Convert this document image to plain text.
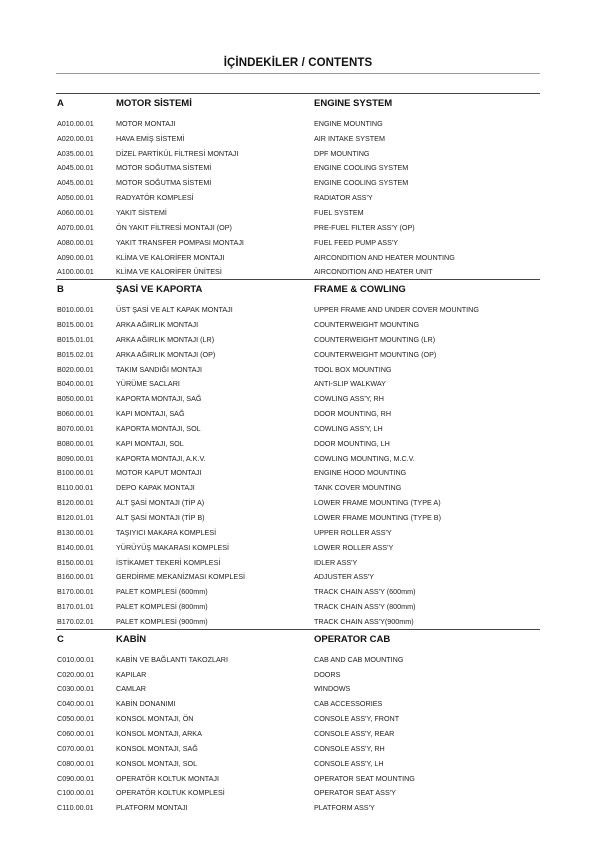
İÇİNDEKİLER / CONTENTS
A	MOTOR SİSTEMİ	ENGINE SYSTEM
A010.00.01	MOTOR MONTAJI	ENGINE MOUNTING
A020.00.01	HAVA EMİŞ SİSTEMİ	AIR INTAKE SYSTEM
A035.00.01	DİZEL PARTİKÜL FİLTRESİ MONTAJI	DPF MOUNTING
A045.00.01	MOTOR SOĞUTMA SİSTEMİ	ENGINE COOLING SYSTEM
A045.00.01	MOTOR SOĞUTMA SİSTEMİ	ENGINE COOLING SYSTEM
A050.00.01	RADYATÖR KOMPLESİ	RADIATOR ASS'Y
A060.00.01	YAKIT SİSTEMİ	FUEL SYSTEM
A070.00.01	ÖN YAKIT FİLTRESİ MONTAJI (OP)	PRE-FUEL FILTER ASS'Y (OP)
A080.00.01	YAKIT TRANSFER POMPASI MONTAJI	FUEL FEED PUMP ASS'Y
A090.00.01	KLİMA VE KALORİFER MONTAJI	AIRCONDITION AND HEATER MOUNTING
A100.00.01	KLİMA VE KALORİFER ÜNİTESİ	AIRCONDITION AND HEATER UNIT
B	ŞASİ VE KAPORTA	FRAME & COWLING
B010.00.01	ÜST ŞASİ VE ALT KAPAK MONTAJI	UPPER FRAME AND UNDER COVER MOUNTING
B015.00.01	ARKA AĞIRLIK MONTAJI	COUNTERWEIGHT MOUNTING
B015.01.01	ARKA AĞIRLIK MONTAJI (LR)	COUNTERWEIGHT MOUNTING (LR)
B015.02.01	ARKA AĞIRLIK MONTAJI (OP)	COUNTERWEIGHT MOUNTING (OP)
B020.00.01	TAKIM SANDIĞI MONTAJI	TOOL BOX MOUNTING
B040.00.01	YÜRÜME SACLARI	ANTI-SLIP WALKWAY
B050.00.01	KAPORTA MONTAJI, SAĞ	COWLING ASS'Y, RH
B060.00.01	KAPI MONTAJI, SAĞ	DOOR MOUNTING, RH
B070.00.01	KAPORTA MONTAJI, SOL	COWLING ASS'Y, LH
B080.00.01	KAPI MONTAJI, SOL	DOOR MOUNTING, LH
B090.00.01	KAPORTA MONTAJI, A.K.V.	COWLING MOUNTING, M.C.V.
B100.00.01	MOTOR KAPUT MONTAJI	ENGINE HOOD MOUNTING
B110.00.01	DEPO KAPAK MONTAJI	TANK COVER MOUNTING
B120.00.01	ALT ŞASİ MONTAJI (TİP A)	LOWER FRAME MOUNTING (TYPE A)
B120.01.01	ALT ŞASİ MONTAJI (TİP B)	LOWER FRAME MOUNTING (TYPE B)
B130.00.01	TAŞIYICI MAKARA KOMPLESİ	UPPER ROLLER ASS'Y
B140.00.01	YÜRÜYÜŞ MAKARASI KOMPLESİ	LOWER ROLLER ASS'Y
B150.00.01	İSTİKAMET TEKERİ KOMPLESİ	IDLER ASS'Y
B160.00.01	GERDİRME MEKANİZMASI KOMPLESİ	ADJUSTER ASS'Y
B170.00.01	PALET KOMPLESİ (600mm)	TRACK CHAIN ASS'Y (600mm)
B170.01.01	PALET KOMPLESİ (800mm)	TRACK CHAIN ASS'Y (800mm)
B170.02.01	PALET KOMPLESİ (900mm)	TRACK CHAIN ASS'Y(900mm)
C	KABİN	OPERATOR CAB
C010.00.01	KABİN VE BAĞLANTI TAKOZLARI	CAB AND CAB MOUNTING
C020.00.01	KAPILAR	DOORS
C030.00.01	CAMLAR	WINDOWS
C040.00.01	KABİN DONANIMI	CAB ACCESSORIES
C050.00.01	KONSOL MONTAJI, ÖN	CONSOLE ASS'Y, FRONT
C060.00.01	KONSOL MONTAJI, ARKA	CONSOLE ASS'Y, REAR
C070.00.01	KONSOL MONTAJI, SAĞ	CONSOLE ASS'Y, RH
C080.00.01	KONSOL MONTAJI, SOL	CONSOLE ASS'Y, LH
C090.00.01	OPERATÖR KOLTUK MONTAJI	OPERATOR SEAT MOUNTING
C100.00.01	OPERATÖR KOLTUK KOMPLESİ	OPERATOR SEAT ASS'Y
C110.00.01	PLATFORM MONTAJI	PLATFORM ASS'Y
